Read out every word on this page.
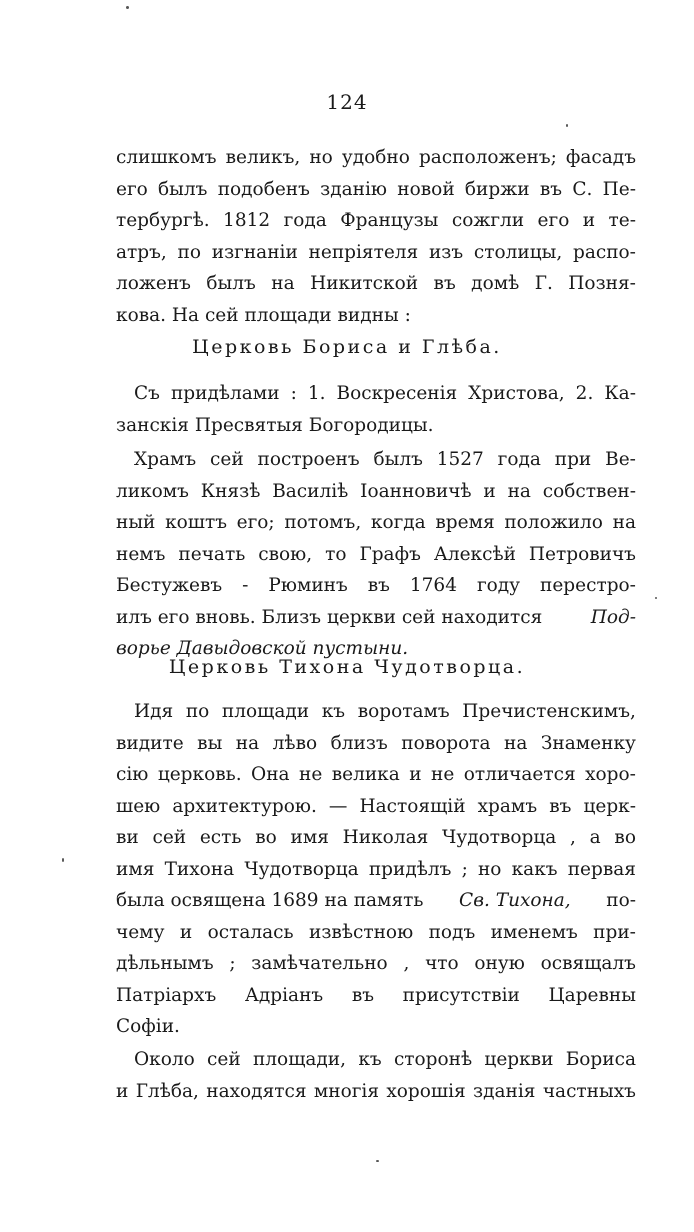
124
слишкомъ великъ, но удобно расположенъ; фасадъ
его былъ подобенъ зданію новой биржи въ С. Пе-
тербургѣ. 1812 года Французы сожгли его и те-
атръ, по изгнаніи непріятеля изъ столицы, распо-
ложенъ былъ на Никитской въ домѣ Г. Позня-
кова. На сей площади видны :
Церковь Бориса и Глѣба.
Съ придѣлами : 1. Воскресенія Христова, 2. Ка-
занскія Пресвятыя Богородицы.
Храмъ сей построенъ былъ 1527 года при Ве-
ликомъ Князѣ Василіѣ Іоанновичѣ и на собствен-
ный коштъ его; потомъ, когда время положило на
немъ печать свою, то Графъ Алексѣй Петровичъ
Бестужевъ - Рюминъ въ 1764 году перестро-
илъ его вновь. Близъ церкви сей находится	Под-
ворье Давыдовской пустыни.
Церковь Тихона Чудотворца.
Идя по площади къ воротамъ Пречистенскимъ,
видите вы на лѣво близъ поворота на Знаменку
сію церковь. Она не велика и не отличается хоро-
шею архитектурою. — Настоящій храмъ въ церк-
ви сей есть во имя Николая Чудотворца , а во
имя Тихона Чудотворца придѣлъ ; но какъ первая
была освящена 1689 на память Св. Тихона, по-
чему и осталась извѣстною подъ именемъ при-
дѣльнымъ ; замѣчательно , что оную освящалъ
Патріархъ Адріанъ въ присутствіи Царевны
Софіи.
Около сей площади, къ сторонѣ церкви Бориса
и Глѣба, находятся многія хорошія зданія частныхъ
